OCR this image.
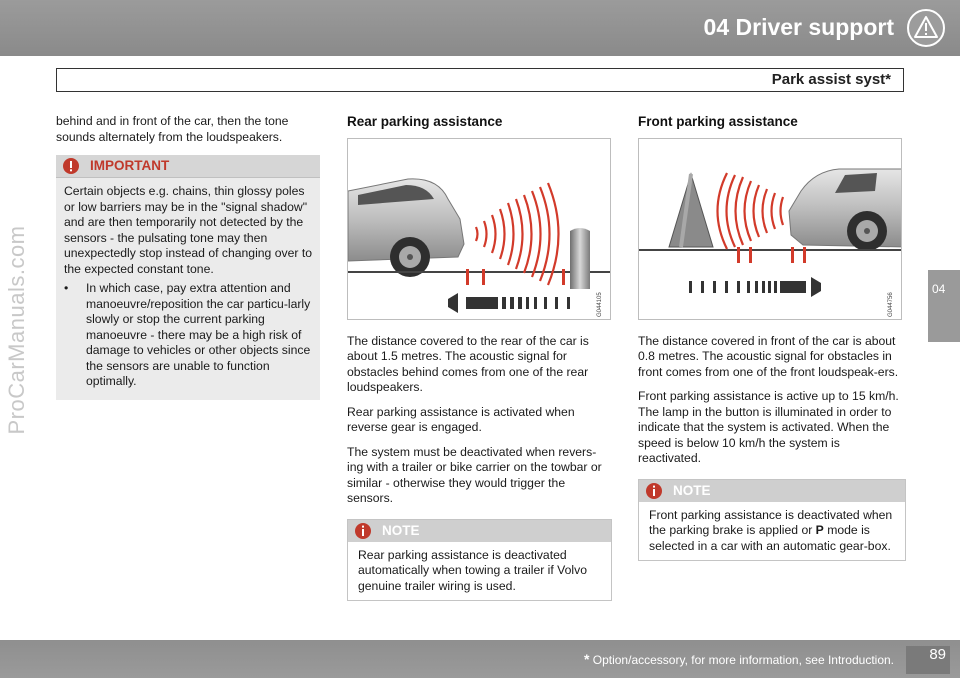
04 Driver support
Park assist syst*
04
ProCarManuals.com

behind and in front of the car, then the tone sounds alternately from the loudspeakers.

IMPORTANT

Certain objects e.g. chains, thin glossy poles or low barriers may be in the "signal shadow" and are then temporarily not detected by the sensors - the pulsating tone may then unexpectedly stop instead of changing over to the expected constant tone.

•	In which case, pay extra attention and manoeuvre/reposition the car particu-larly slowly or stop the current parking manoeuvre - there may be a high risk of damage to vehicles or other objects since the sensors are unable to function optimally.
Rear parking assistance
G044105

The distance covered to the rear of the car is about 1.5 metres. The acoustic signal for obstacles behind comes from one of the rear loudspeakers.

Rear parking assistance is activated when reverse gear is engaged.

The system must be deactivated when revers-ing with a trailer or bike carrier on the towbar or similar - otherwise they would trigger the sensors.

NOTE
Rear parking assistance is deactivated automatically when towing a trailer if Volvo genuine trailer wiring is used.
Front parking assistance
G044756

The distance covered in front of the car is about 0.8 metres. The acoustic signal for obstacles in front comes from one of the front loudspeak-ers.

Front parking assistance is active up to 15 km/h. The lamp in the button is illuminated in order to indicate that the system is activated. When the speed is below 10 km/h the system is reactivated.

NOTE
Front parking assistance is deactivated when the parking brake is applied or P mode is selected in a car with an automatic gear-box.
* Option/accessory, for more information, see Introduction. 89
